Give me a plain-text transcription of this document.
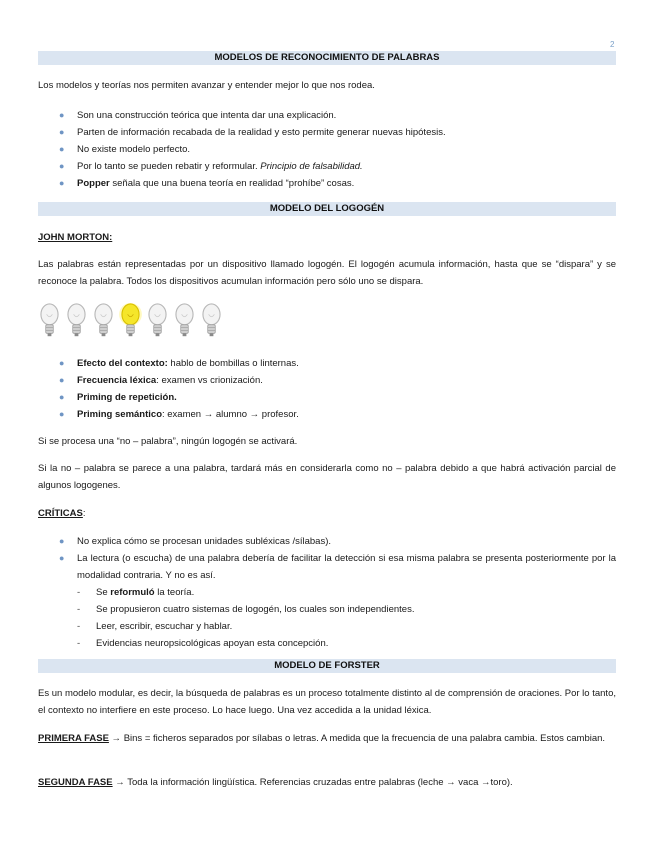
2
MODELOS DE RECONOCIMIENTO DE PALABRAS
Los modelos y teorías nos permiten avanzar y entender mejor lo que nos rodea.
● Son una construcción teórica que intenta dar una explicación.
● Parten de información recabada de la realidad y esto permite generar nuevas hipótesis.
● No existe modelo perfecto.
● Por lo tanto se pueden rebatir y reformular. Principio de falsabilidad.
● Popper señala que una buena teoría en realidad “prohíbe” cosas.
MODELO DEL LOGOGÉN
JOHN MORTON:
Las palabras están representadas por un dispositivo llamado logogén. El logogén acumula información, hasta que se “dispara” y se reconoce la palabra. Todos los dispositivos acumulan información pero sólo uno se dispara.
● Efecto del contexto: hablo de bombillas o linternas.
● Frecuencia léxica: examen vs crionización.
● Priming de repetición.
● Priming semántico: examen → alumno → profesor.
Si se procesa una “no – palabra”, ningún logogén se activará.
Si la no – palabra se parece a una palabra, tardará más en considerarla como no – palabra debido a que habrá activación parcial de algunos logogenes.
CRÍTICAS:
● No explica cómo se procesan unidades subléxicas /sílabas).
● La lectura (o escucha) de una palabra debería de facilitar la detección si esa misma palabra se presenta posteriormente por la modalidad contraria. Y no es así.
- Se reformuló la teoría.
- Se propusieron cuatro sistemas de logogén, los cuales son independientes.
- Leer, escribir, escuchar y hablar.
- Evidencias neuropsicológicas apoyan esta concepción.
MODELO DE FORSTER
Es un modelo modular, es decir, la búsqueda de palabras es un proceso totalmente distinto al de comprensión de oraciones. Por lo tanto, el contexto no interfiere en este proceso. Lo hace luego. Una vez accedida a la unidad léxica.
PRIMERA FASE → Bins = ficheros separados por sílabas o letras. A medida que la frecuencia de una palabra cambia. Estos cambian.
SEGUNDA FASE → Toda la información lingüística. Referencias cruzadas entre palabras (leche → vaca →toro).
